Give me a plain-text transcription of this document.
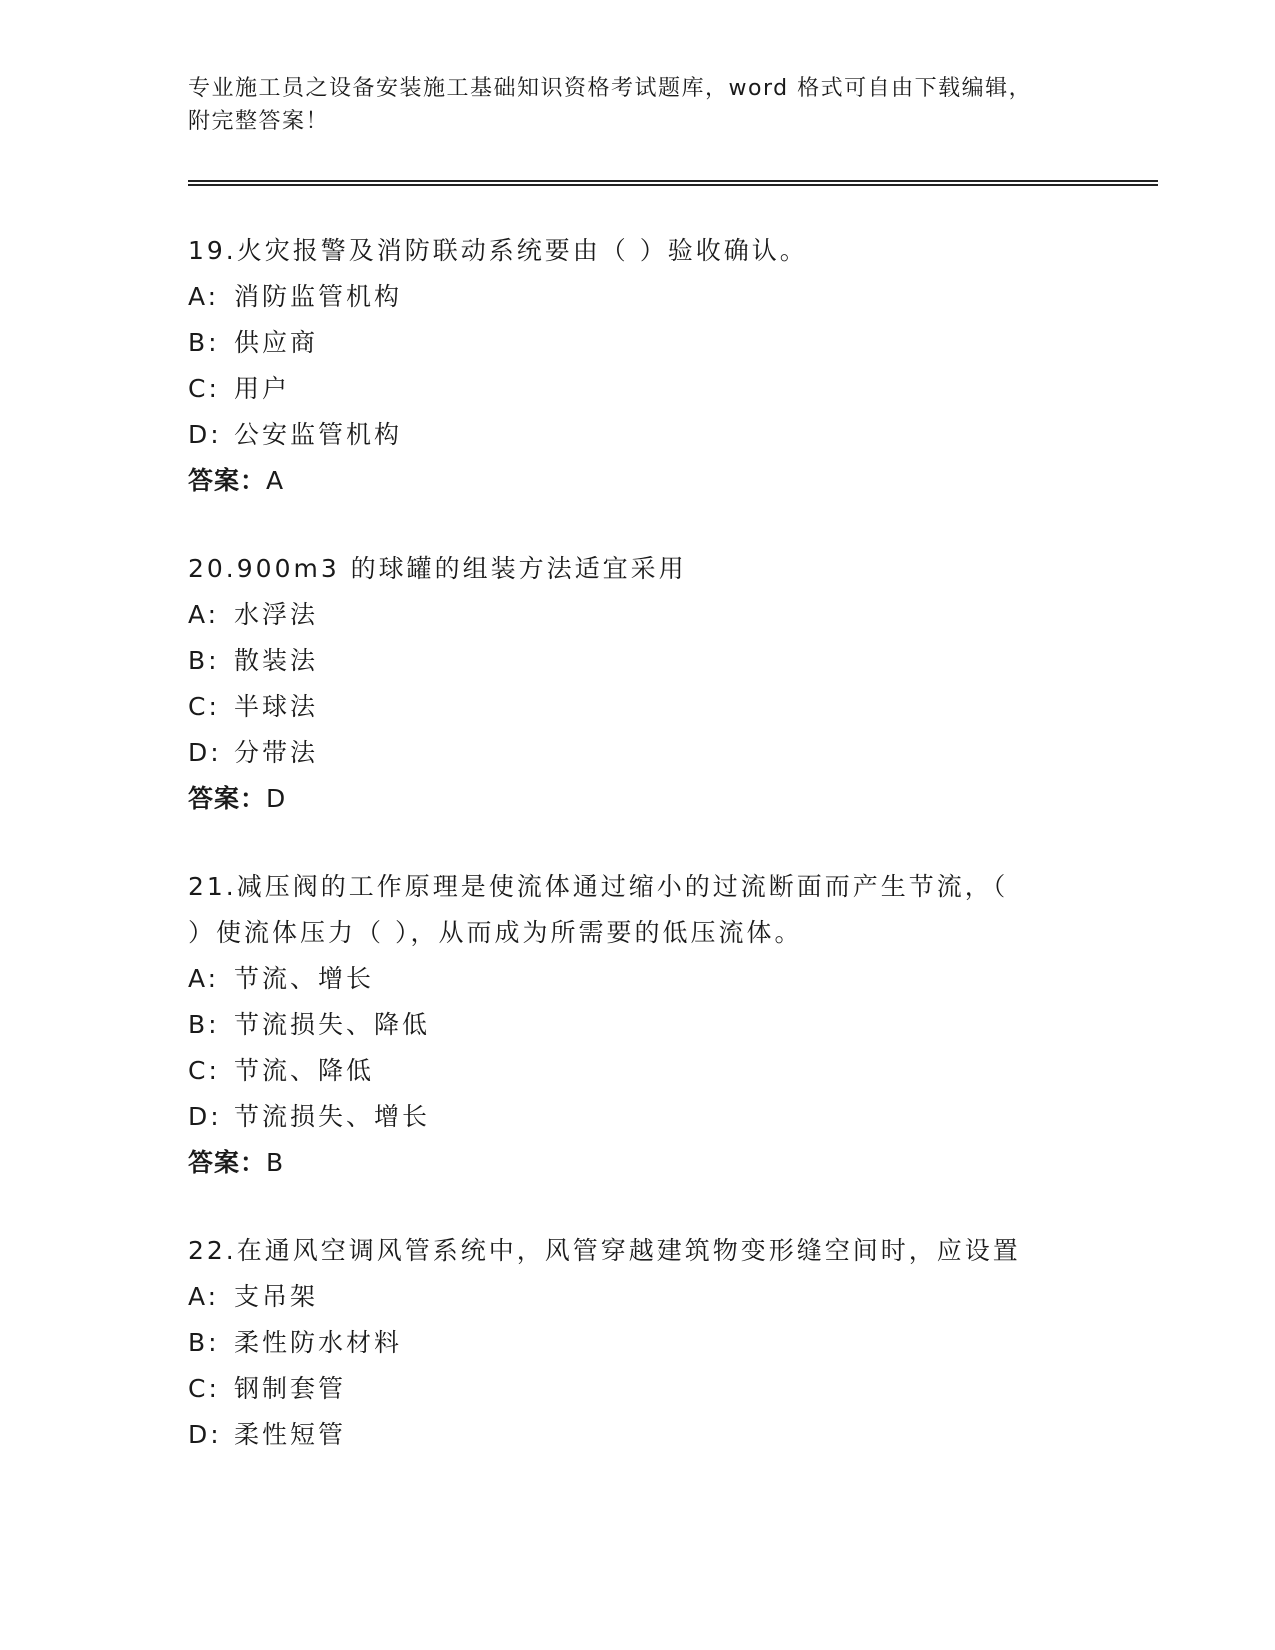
专业施工员之设备安装施工基础知识资格考试题库，word 格式可自由下载编辑，
附完整答案！

19.火灾报警及消防联动系统要由（ ）验收确认。

A: 消防监管机构

B: 供应商

C: 用户

D: 公安监管机构

答案：A

20.900m3 的球罐的组装方法适宜采用

A: 水浮法

B: 散装法

C: 半球法

D: 分带法

答案：D

21.减压阀的工作原理是使流体通过缩小的过流断面而产生节流，（

）使流体压力（ ），从而成为所需要的低压流体。

A: 节流、增长

B: 节流损失、降低

C: 节流、降低

D: 节流损失、增长

答案：B

22.在通风空调风管系统中，风管穿越建筑物变形缝空间时，应设置

A: 支吊架

B: 柔性防水材料

C: 钢制套管

D: 柔性短管
